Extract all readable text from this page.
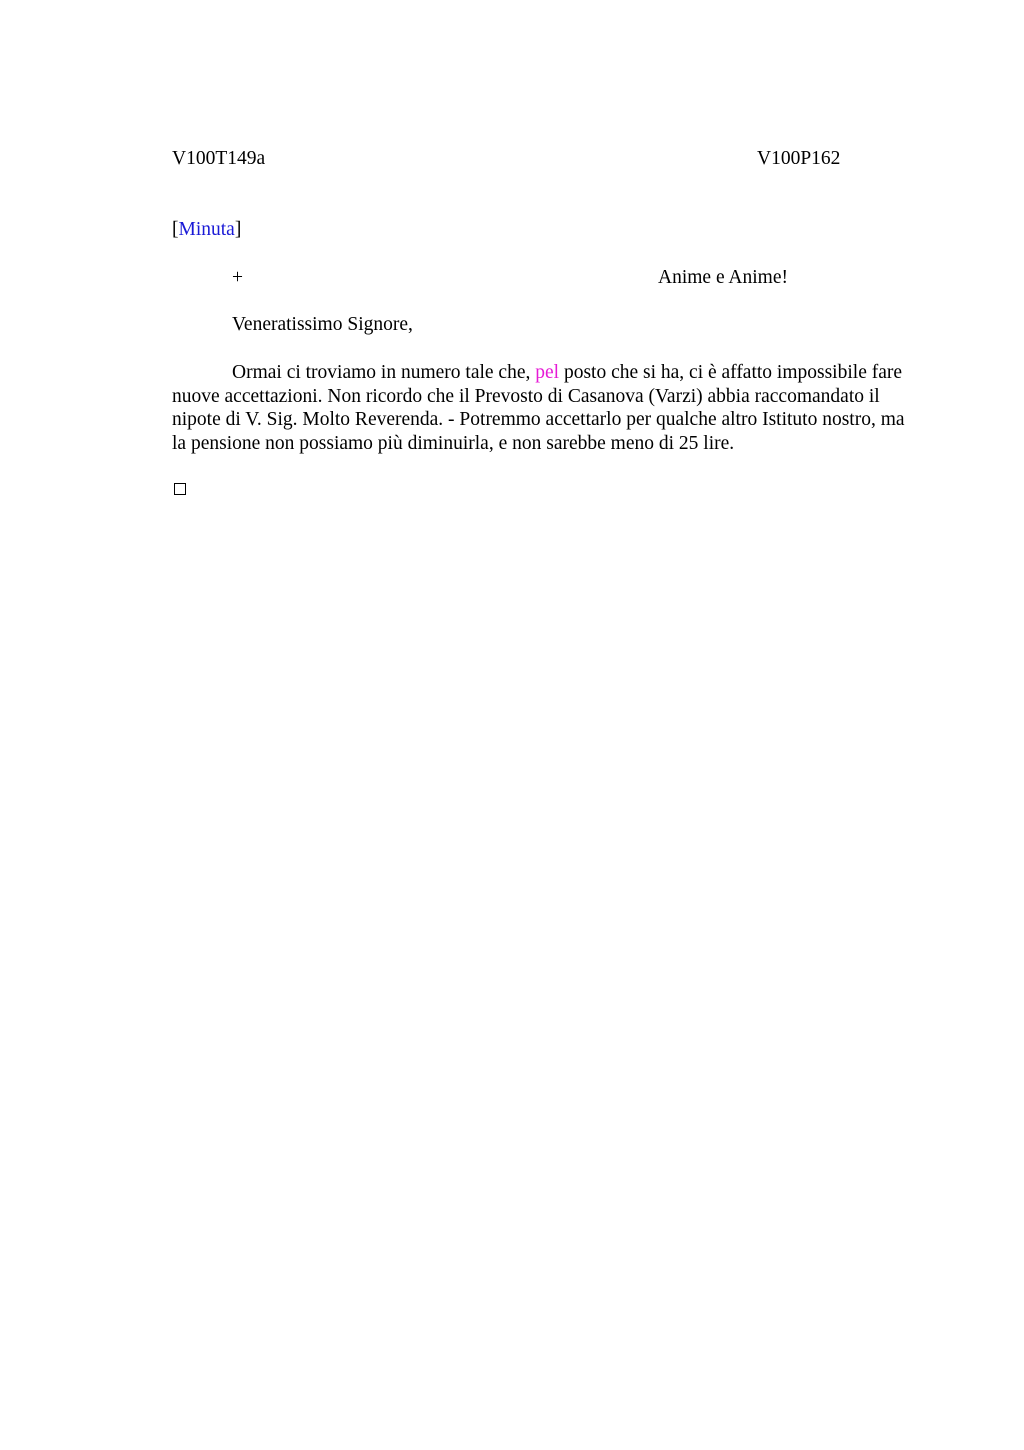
V100T149a	V100P162
[Minuta]
+	Anime e Anime!
Veneratissimo Signore,

Ormai ci troviamo in numero tale che, pel posto che si ha, ci è affatto impossibile fare nuove accettazioni. Non ricordo che il Prevosto di Casanova (Varzi) abbia raccomandato il nipote di V. Sig. Molto Reverenda. - Potremmo accettarlo per qualche altro Istituto nostro, ma la pensione non possiamo più diminuirla, e non sarebbe meno di 25 lire.
